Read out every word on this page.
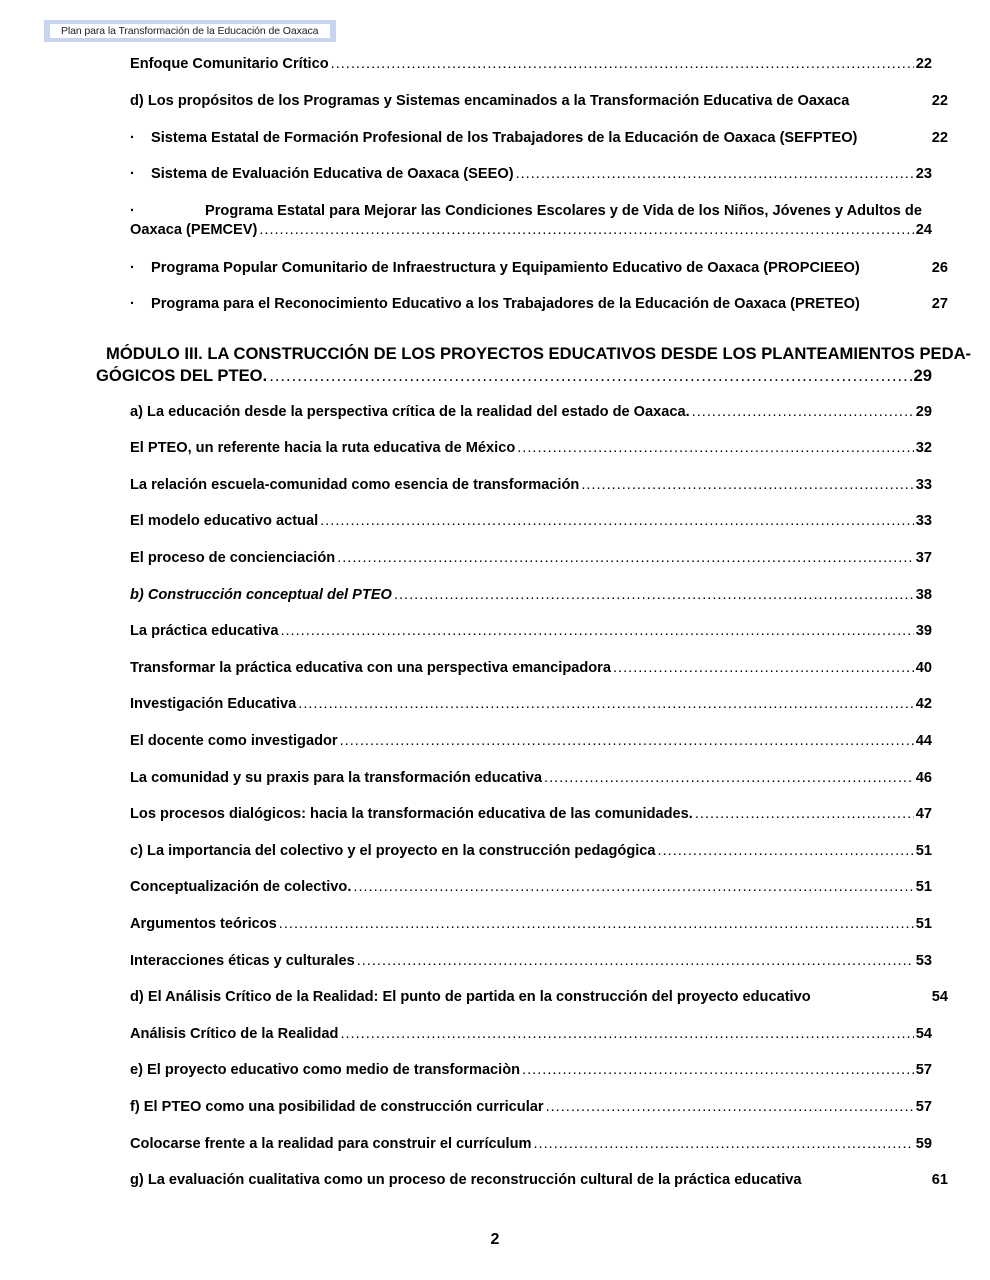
Plan para la Transformación de la Educación de Oaxaca
Enfoque Comunitario Crítico .....	22
d) Los propósitos de los Programas y Sistemas encaminados a la Transformación Educativa de Oaxaca	22
· Sistema Estatal de Formación Profesional de los Trabajadores de la Educación de Oaxaca (SEFPTEO)	22
· Sistema de Evaluación Educativa de Oaxaca (SEEO) .....	23
·	Programa Estatal para Mejorar las Condiciones Escolares y de Vida de los Niños, Jóvenes y Adultos de
Oaxaca (PEMCEV) .....	24
· Programa Popular Comunitario de Infraestructura y Equipamiento Educativo de Oaxaca (PROPCIEEO)	26
· Programa para el Reconocimiento Educativo a los Trabajadores de la Educación de Oaxaca (PRETEO)	27
MÓDULO III. LA CONSTRUCCIÓN DE LOS PROYECTOS EDUCATIVOS DESDE LOS PLANTEAMIENTOS PEDA-
GÓGICOS DEL PTEO. .....	29
a) La educación desde la perspectiva crítica de la realidad del estado de Oaxaca. .....	29
El PTEO, un referente hacia la ruta educativa de México .....	32
La relación escuela-comunidad como esencia de transformación .....	33
El modelo educativo actual .....	33
El proceso de concienciación .....	37
b) Construcción conceptual del PTEO .....	38
La práctica educativa .....	39
Transformar la práctica educativa con una perspectiva emancipadora .....	40
Investigación Educativa .....	42
El docente como investigador .....	44
La comunidad y su praxis para la transformación educativa .....	46
Los procesos dialógicos: hacia la transformación educativa de las comunidades. .....	47
c) La importancia del colectivo y el proyecto en la construcción pedagógica .....	51
Conceptualización de colectivo. .....	51
Argumentos teóricos .....	51
Interacciones éticas y culturales .....	53
d) El Análisis Crítico de la Realidad: El punto de partida en la construcción del proyecto educativo	54
Análisis Crítico de la Realidad .....	54
e) El proyecto educativo como medio de transformaciòn .....	57
f) El PTEO como una posibilidad de construcción curricular .....	57
Colocarse frente a la realidad para construir el currículum .....	59
g) La evaluación cualitativa como un proceso de reconstrucción cultural de la práctica educativa	61
2
